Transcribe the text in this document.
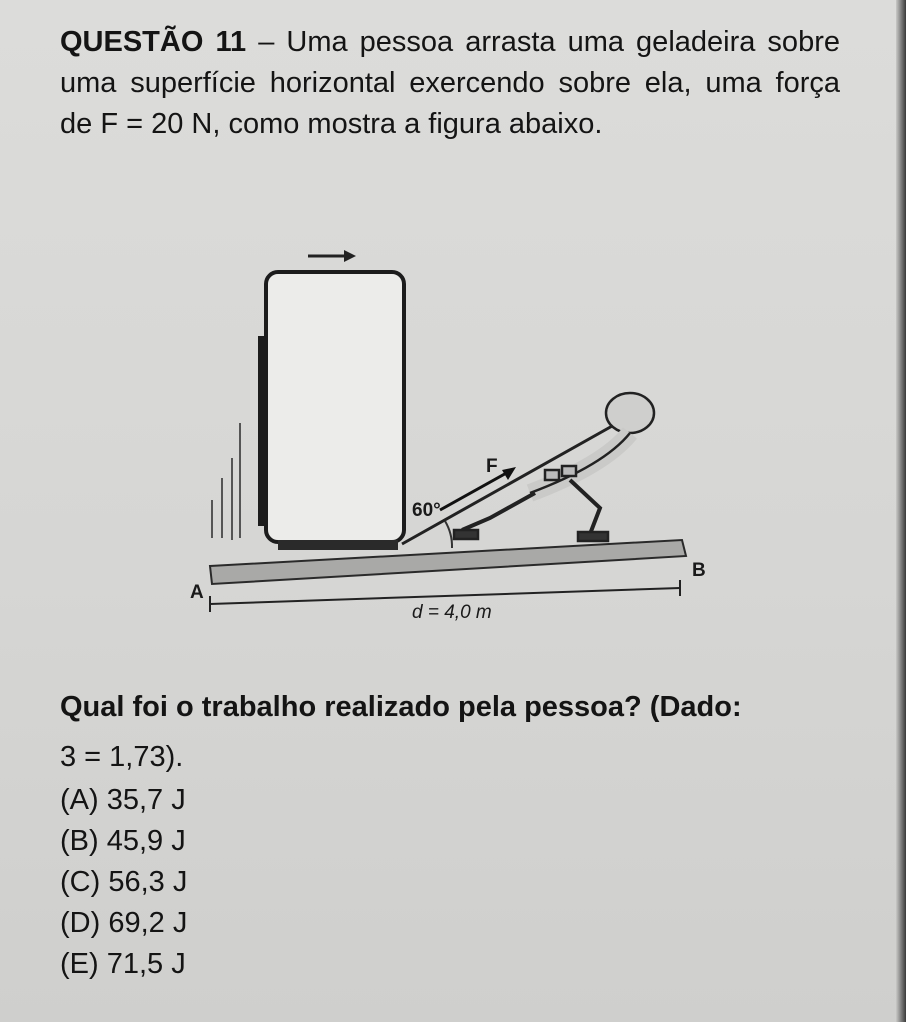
QUESTÃO 11 – Uma pessoa arrasta uma geladeira sobre uma superfície horizontal exercendo sobre ela, uma força de F = 20 N, como mostra a figura abaixo.

F
60°
A
B
d = 4,0 m

Qual foi o trabalho realizado pela pessoa? (Dado:

3 = 1,73).
(A) 35,7 J
(B) 45,9 J
(C) 56,3 J
(D) 69,2 J
(E) 71,5 J
